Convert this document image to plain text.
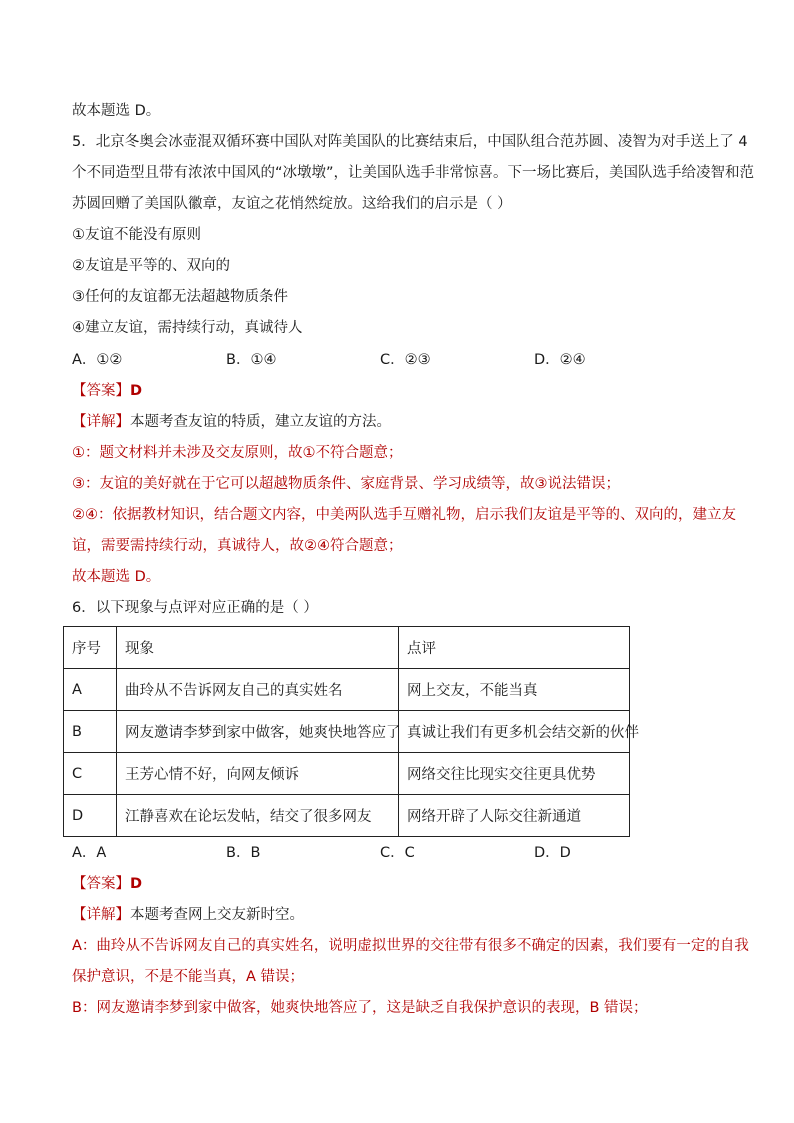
故本题选 D。
5．北京冬奥会冰壶混双循环赛中国队对阵美国队的比赛结束后，中国队组合范苏圆、凌智为对手送上了 4
个不同造型且带有浓浓中国风的“冰墩墩”，让美国队选手非常惊喜。下一场比赛后，美国队选手给凌智和范
苏圆回赠了美国队徽章，友谊之花悄然绽放。这给我们的启示是（ ）
①友谊不能没有原则
②友谊是平等的、双向的
③任何的友谊都无法超越物质条件
④建立友谊，需持续行动，真诚待人
A．①②	B．①④	C．②③	D．②④
【答案】D
【详解】本题考查友谊的特质，建立友谊的方法。
①：题文材料并未涉及交友原则，故①不符合题意；
③：友谊的美好就在于它可以超越物质条件、家庭背景、学习成绩等，故③说法错误；
②④：依据教材知识，结合题文内容，中美两队选手互赠礼物，启示我们友谊是平等的、双向的，建立友
谊，需要需持续行动，真诚待人，故②④符合题意；
故本题选 D。
6．以下现象与点评对应正确的是（ ）
序号	现象	点评
A	曲玲从不告诉网友自己的真实姓名	网上交友，不能当真
B	网友邀请李梦到家中做客，她爽快地答应了	真诚让我们有更多机会结交新的伙伴
C	王芳心情不好，向网友倾诉	网络交往比现实交往更具优势
D	江静喜欢在论坛发帖，结交了很多网友	网络开辟了人际交往新通道
A．A	B．B	C．C	D．D
【答案】D
【详解】本题考查网上交友新时空。
A：曲玲从不告诉网友自己的真实姓名，说明虚拟世界的交往带有很多不确定的因素，我们要有一定的自我
保护意识，不是不能当真，A 错误；
B：网友邀请李梦到家中做客，她爽快地答应了，这是缺乏自我保护意识的表现，B 错误；
